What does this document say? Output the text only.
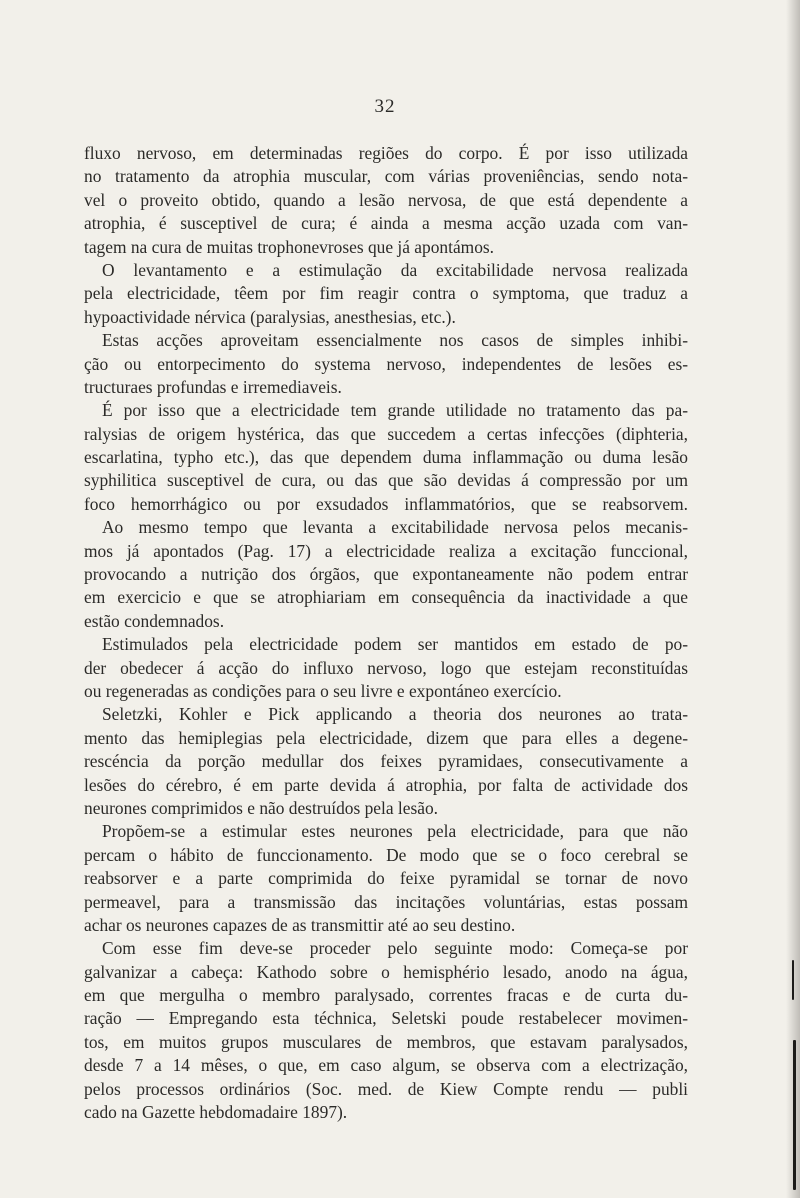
32
fluxo nervoso, em determinadas regiões do corpo. É por isso utilizada
no tratamento da atrophia muscular, com várias proveniências, sendo nota-
vel o proveito obtido, quando a lesão nervosa, de que está dependente a
atrophia, é susceptivel de cura; é ainda a mesma acção uzada com van-
tagem na cura de muitas trophonevroses que já apontámos.
O levantamento e a estimulação da excitabilidade nervosa realizada
pela electricidade, têem por fim reagir contra o symptoma, que traduz a
hypoactividade nérvica (paralysias, anesthesias, etc.).
Estas acções aproveitam essencialmente nos casos de simples inhibi-
ção ou entorpecimento do systema nervoso, independentes de lesões es-
tructuraes profundas e irremediaveis.
É por isso que a electricidade tem grande utilidade no tratamento das pa-
ralysias de origem hystérica, das que succedem a certas infecções (diphteria,
escarlatina, typho etc.), das que dependem duma inflammação ou duma lesão
syphilitica susceptivel de cura, ou das que são devidas á compressão por um
foco hemorrhágico ou por exsudados inflammatórios, que se reabsorvem.
Ao mesmo tempo que levanta a excitabilidade nervosa pelos mecanis-
mos já apontados (Pag. 17) a electricidade realiza a excitação funccional,
provocando a nutrição dos órgãos, que expontaneamente não podem entrar
em exercicio e que se atrophiariam em consequência da inactividade a que
estão condemnados.
Estimulados pela electricidade podem ser mantidos em estado de po-
der obedecer á acção do influxo nervoso, logo que estejam reconstituídas
ou regeneradas as condições para o seu livre e expontáneo exercício.
Seletzki, Kohler e Pick applicando a theoria dos neurones ao trata-
mento das hemiplegias pela electricidade, dizem que para elles a degene-
rescéncia da porção medullar dos feixes pyramidaes, consecutivamente a
lesões do cérebro, é em parte devida á atrophia, por falta de actividade dos
neurones comprimidos e não destruídos pela lesão.
Propõem-se a estimular estes neurones pela electricidade, para que não
percam o hábito de funccionamento. De modo que se o foco cerebral se
reabsorver e a parte comprimida do feixe pyramidal se tornar de novo
permeavel, para a transmissão das incitações voluntárias, estas possam
achar os neurones capazes de as transmittir até ao seu destino.
Com esse fim deve-se proceder pelo seguinte modo: Começa-se por
galvanizar a cabeça: Kathodo sobre o hemisphério lesado, anodo na água,
em que mergulha o membro paralysado, correntes fracas e de curta du-
ração — Empregando esta téchnica, Seletski poude restabelecer movimen-
tos, em muitos grupos musculares de membros, que estavam paralysados,
desde 7 a 14 mêses, o que, em caso algum, se observa com a electrização,
pelos processos ordinários (Soc. med. de Kiew Compte rendu — publi
cado na Gazette hebdomadaire 1897).
